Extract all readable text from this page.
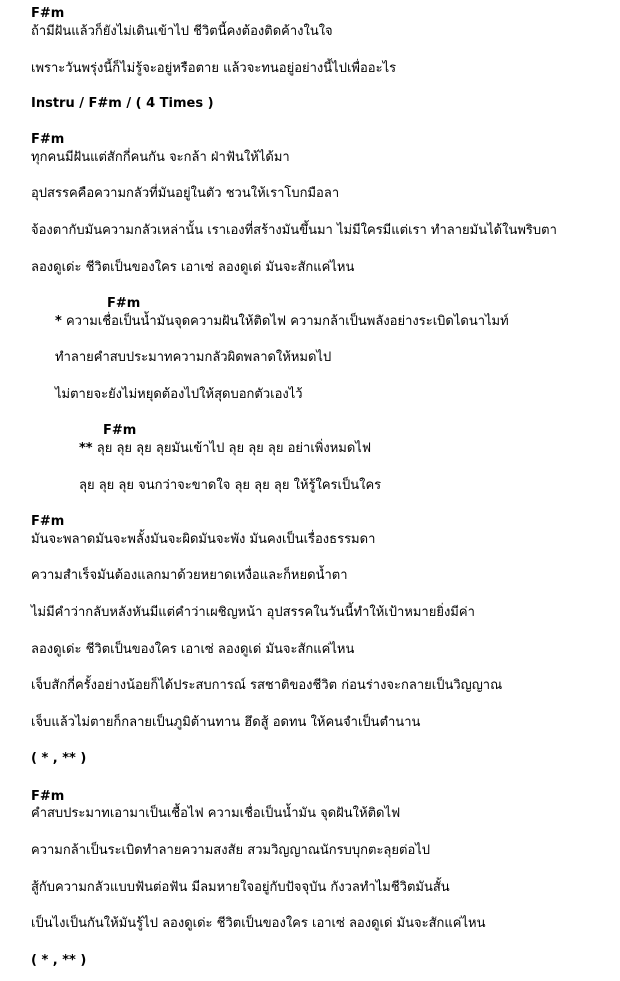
F#m
ถ้ามีฝันแล้วก็ยังไม่เดินเข้าไป ชีวิตนี้คงต้องติดค้างในใจ
เพราะวันพรุ่งนี้ก็ไม่รู้จะอยู่หรือตาย แล้วจะทนอยู่อย่างนี้ไปเพื่ออะไร
Instru / F#m / ( 4 Times )
F#m
ทุกคนมีฝันแต่สักกี่คนกัน จะกล้า ฝ่าฟันให้ได้มา
อุปสรรคคือความกลัวที่มันอยู่ในตัว ชวนให้เราโบกมือลา
จ้องตากับมันความกลัวเหล่านั้น เราเองที่สร้างมันขึ้นมา ไม่มีใครมีแต่เรา ทำลายมันได้ในพริบตา
ลองดูเด่ะ ชีวิตเป็นของใคร เอาเซ่ ลองดูเด่ มันจะสักแค่ไหน
F#m
* ความเชื่อเป็นน้ำมันจุดความฝันให้ติดไฟ ความกล้าเป็นพลังอย่างระเบิดไดนาไมท์
ทำลายคำสบประมาทความกลัวผิดพลาดให้หมดไป
ไม่ตายจะยังไม่หยุดต้องไปให้สุดบอกตัวเองไว้
F#m
** ลุย ลุย ลุย ลุยมันเข้าไป ลุย ลุย ลุย อย่าเพิ่งหมดไฟ
ลุย ลุย ลุย จนกว่าจะขาดใจ ลุย ลุย ลุย ให้รู้ใครเป็นใคร
F#m
มันจะพลาดมันจะพลั้งมันจะผิดมันจะพัง มันคงเป็นเรื่องธรรมดา
ความสำเร็จมันต้องแลกมาด้วยหยาดเหงื่อและก็หยดน้ำตา
ไม่มีคำว่ากลับหลังหันมีแต่คำว่าเผชิญหน้า อุปสรรคในวันนี้ทำให้เป้าหมายยิ่งมีค่า
ลองดูเด่ะ ชีวิตเป็นของใคร เอาเซ่ ลองดูเด่ มันจะสักแค่ไหน
เจ็บสักกี่ครั้งอย่างน้อยก็ได้ประสบการณ์ รสชาติของชีวิต ก่อนร่างจะกลายเป็นวิญญาณ
เจ็บแล้วไม่ตายก็กลายเป็นภูมิต้านทาน ฮึดสู้ อดทน ให้คนจำเป็นตำนาน
( * , ** )
F#m
คำสบประมาทเอามาเป็นเชื้อไฟ ความเชื่อเป็นน้ำมัน จุดฝันให้ติดไฟ
ความกล้าเป็นระเบิดทำลายความสงสัย สวมวิญญาณนักรบบุกตะลุยต่อไป
สู้กับความกลัวแบบฟันต่อฟัน มีลมหายใจอยู่กับปัจจุบัน กังวลทำไมชีวิตมันสั้น
เป็นไงเป็นกันให้มันรู้ไป ลองดูเด่ะ ชีวิตเป็นของใคร เอาเซ่ ลองดูเด่ มันจะสักแค่ไหน
( * , ** )
